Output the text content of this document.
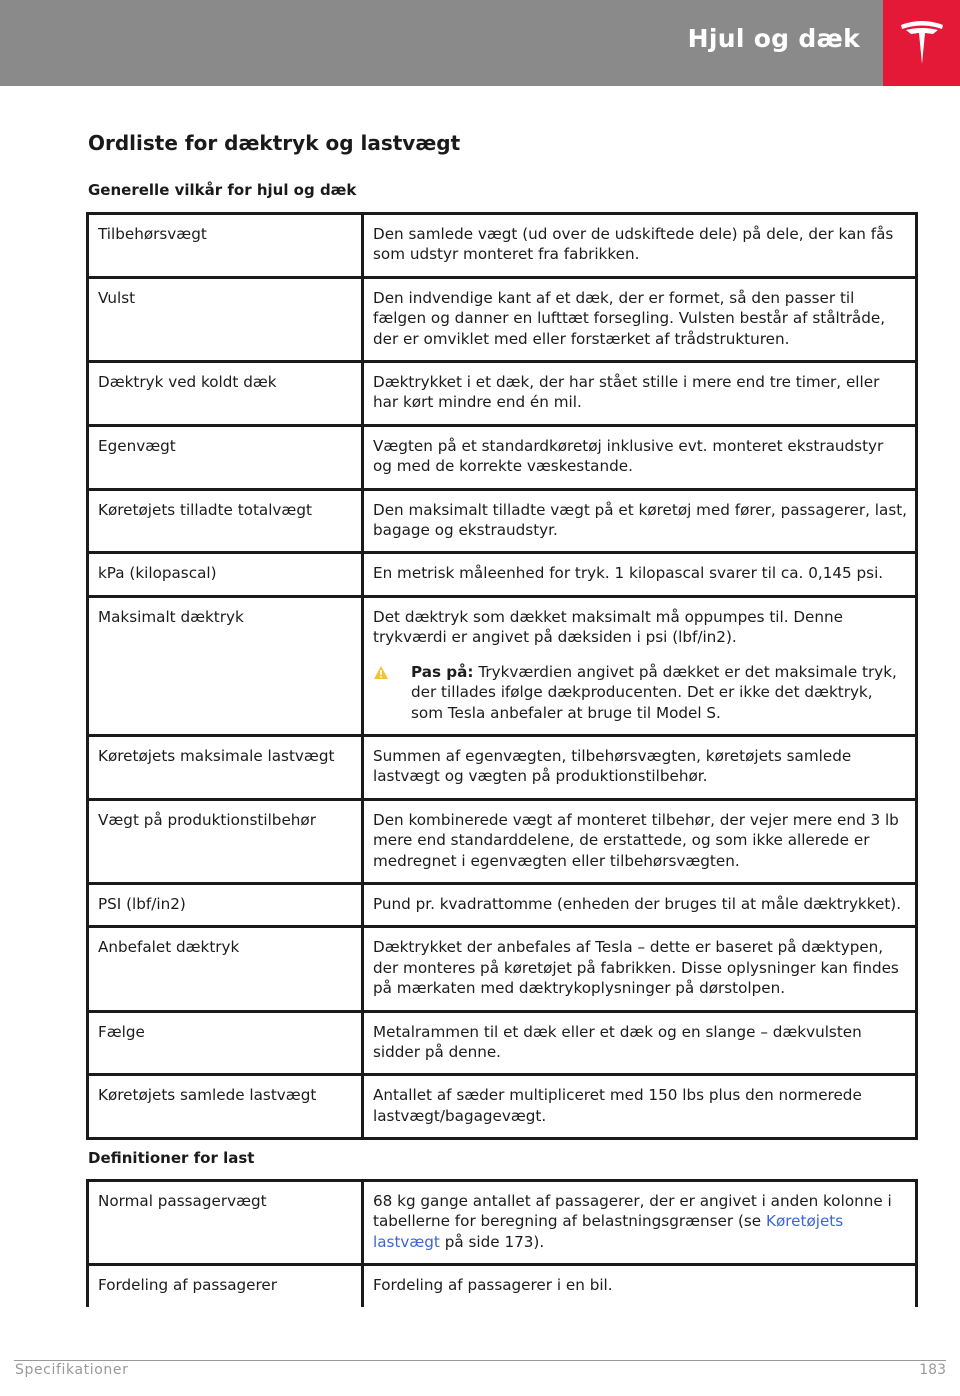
Hjul og dæk
Ordliste for dæktryk og lastvægt
Generelle vilkår for hjul og dæk
Tilbehørsvægt	Den samlede vægt (ud over de udskiftede dele) på dele, der kan fås som udstyr monteret fra fabrikken.
Vulst	Den indvendige kant af et dæk, der er formet, så den passer til fælgen og danner en lufttæt forsegling. Vulsten består af ståltråde, der er omviklet med eller forstærket af trådstrukturen.
Dæktryk ved koldt dæk	Dæktrykket i et dæk, der har stået stille i mere end tre timer, eller har kørt mindre end én mil.
Egenvægt	Vægten på et standardkøretøj inklusive evt. monteret ekstraudstyr og med de korrekte væskestande.
Køretøjets tilladte totalvægt	Den maksimalt tilladte vægt på et køretøj med fører, passagerer, last, bagage og ekstraudstyr.
kPa (kilopascal)	En metrisk måleenhed for tryk. 1 kilopascal svarer til ca. 0,145 psi.
Maksimalt dæktryk	Det dæktryk som dækket maksimalt må oppumpes til. Denne trykværdi er angivet på dæksiden i psi (lbf/in2).
Pas på: Trykværdien angivet på dækket er det maksimale tryk, der tillades ifølge dækproducenten. Det er ikke det dæktryk, som Tesla anbefaler at bruge til Model S.

Køretøjets maksimale lastvægt	Summen af egenvægten, tilbehørsvægten, køretøjets samlede lastvægt og vægten på produktionstilbehør.
Vægt på produktionstilbehør	Den kombinerede vægt af monteret tilbehør, der vejer mere end 3 lb mere end standarddelene, de erstattede, og som ikke allerede er medregnet i egenvægten eller tilbehørsvægten.
PSI (lbf/in2)	Pund pr. kvadrattomme (enheden der bruges til at måle dæktrykket).
Anbefalet dæktryk	Dæktrykket der anbefales af Tesla – dette er baseret på dæktypen, der monteres på køretøjet på fabrikken. Disse oplysninger kan findes på mærkaten med dæktrykoplysninger på dørstolpen.
Fælge	Metalrammen til et dæk eller et dæk og en slange – dækvulsten sidder på denne.
Køretøjets samlede lastvægt	Antallet af sæder multipliceret med 150 lbs plus den normerede lastvægt/bagagevægt.
Definitioner for last
Normal passagervægt	68 kg gange antallet af passagerer, der er angivet i anden kolonne i tabellerne for beregning af belastningsgrænser (se Køretøjets lastvægt på side 173).
Fordeling af passagerer	Fordeling af passagerer i en bil.
Specifikationer	183
